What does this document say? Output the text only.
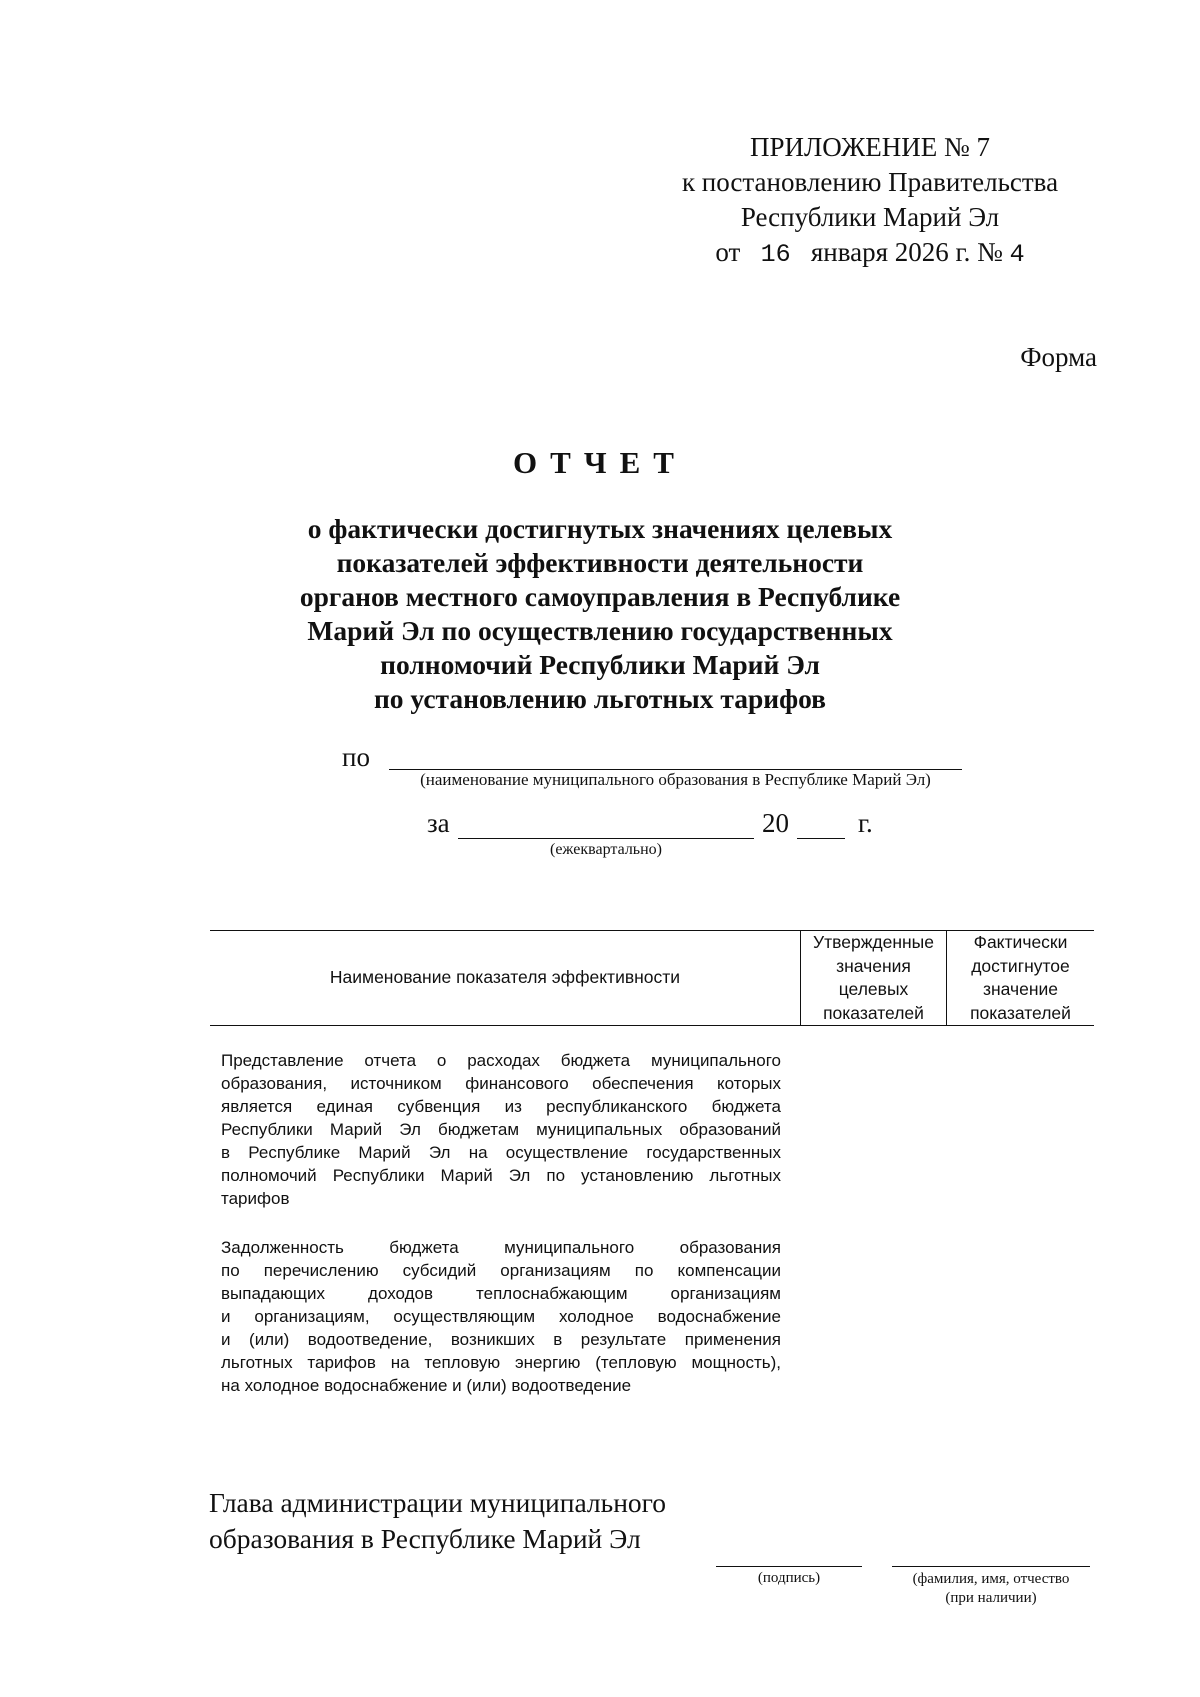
ПРИЛОЖЕНИЕ № 7
к постановлению Правительства
Республики Марий Эл
от 16 января 2026 г. № 4
Форма
ОТЧЕТ
о фактически достигнутых значениях целевых
показателей эффективности деятельности
органов местного самоуправления в Республике
Марий Эл по осуществлению государственных
полномочий Республики Марий Эл
по установлению льготных тарифов
по
(наименование муниципального образования в Республике Марий Эл)
за
(ежеквартально)
20	г.
Наименование показателя эффективности
Утвержденные
значения
целевых
показателей
Фактически
достигнутое
значение
показателей
Представление отчета о расходах бюджета муниципального
образования, источником финансового обеспечения которых
является единая субвенция из республиканского бюджета
Республики Марий Эл бюджетам муниципальных образований
в Республике Марий Эл на осуществление государственных
полномочий Республики Марий Эл по установлению льготных
тарифов
Задолженность бюджета муниципального образования
по перечислению субсидий организациям по компенсации
выпадающих доходов теплоснабжающим организациям
и организациям, осуществляющим холодное водоснабжение
и (или) водоотведение, возникших в результате применения
льготных тарифов на тепловую энергию (тепловую мощность),
на холодное водоснабжение и (или) водоотведение
Глава администрации муниципального
образования в Республике Марий Эл
(подпись)	(фамилия, имя, отчество
(при наличии)
